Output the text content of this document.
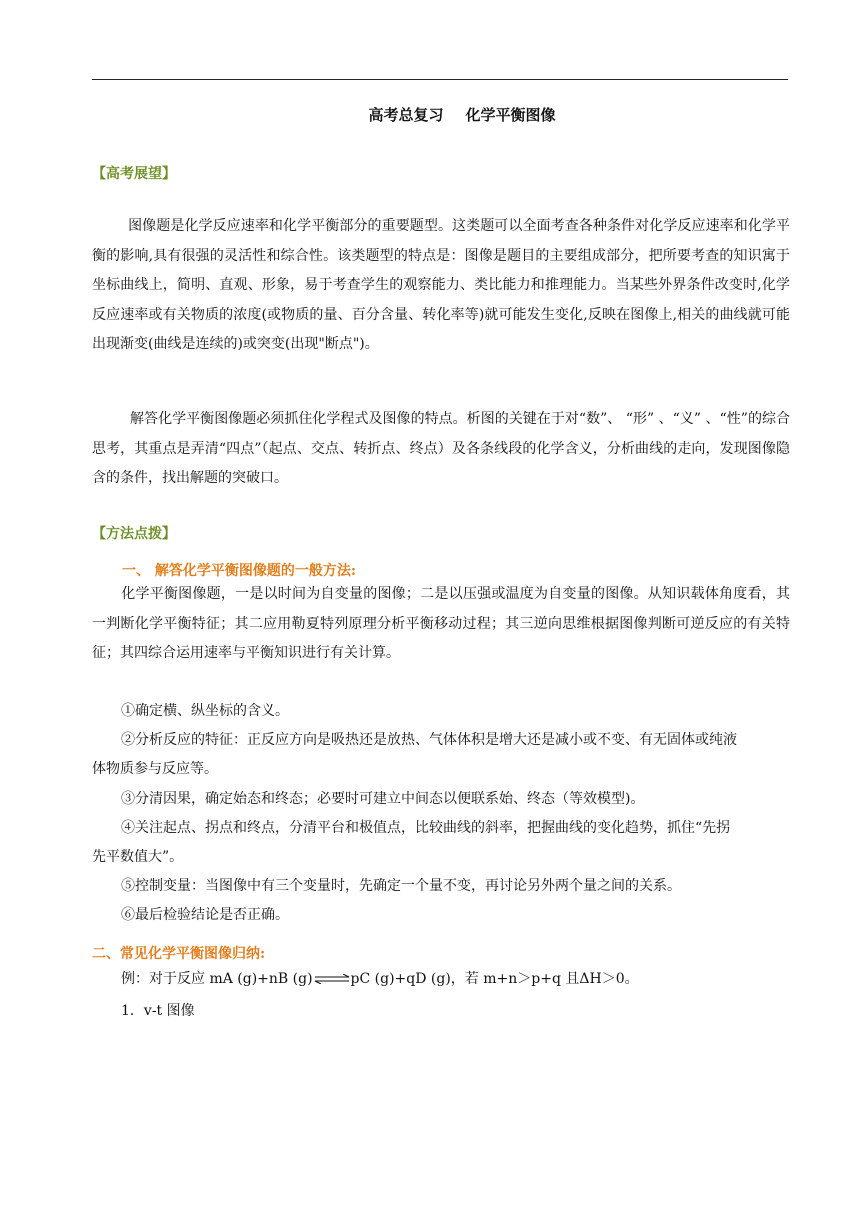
高考总复习 化学平衡图像
【高考展望】
图像题是化学反应速率和化学平衡部分的重要题型。这类题可以全面考查各种条件对化学反应速率和化学平衡的影响,具有很强的灵活性和综合性。该类题型的特点是：图像是题目的主要组成部分，把所要考查的知识寓于坐标曲线上，简明、直观、形象，易于考查学生的观察能力、类比能力和推理能力。当某些外界条件改变时,化学反应速率或有关物质的浓度(或物质的量、百分含量、转化率等)就可能发生变化,反映在图像上,相关的曲线就可能出现渐变(曲线是连续的)或突变(出现"断点")。
解答化学平衡图像题必须抓住化学程式及图像的特点。析图的关键在于对“数”、 “形” 、“义” 、“性”的综合思考，其重点是弄清“四点”（起点、交点、转折点、终点）及各条线段的化学含义，分析曲线的走向，发现图像隐含的条件，找出解题的突破口。
【方法点拨】
一、 解答化学平衡图像题的一般方法:
化学平衡图像题，一是以时间为自变量的图像；二是以压强或温度为自变量的图像。从知识载体角度看，其一判断化学平衡特征；其二应用勒夏特列原理分析平衡移动过程；其三逆向思维根据图像判断可逆反应的有关特征；其四综合运用速率与平衡知识进行有关计算。
①确定横、纵坐标的含义。
②分析反应的特征：正反应方向是吸热还是放热、气体体积是增大还是减小或不变、有无固体或纯液
体物质参与反应等。
③分清因果，确定始态和终态；必要时可建立中间态以便联系始、终态（等效模型)。
④关注起点、拐点和终点，分清平台和极值点，比较曲线的斜率，把握曲线的变化趋势，抓住“先拐
先平数值大”。
⑤控制变量：当图像中有三个变量时，先确定一个量不变，再讨论另外两个量之间的关系。
⑥最后检验结论是否正确。
二、常见化学平衡图像归纳:
例：对于反应 mA (g)+nB (g)⇌pC (g)+qD (g)，若 m+n＞p+q 且ΔH＞0。
1．v-t 图像
